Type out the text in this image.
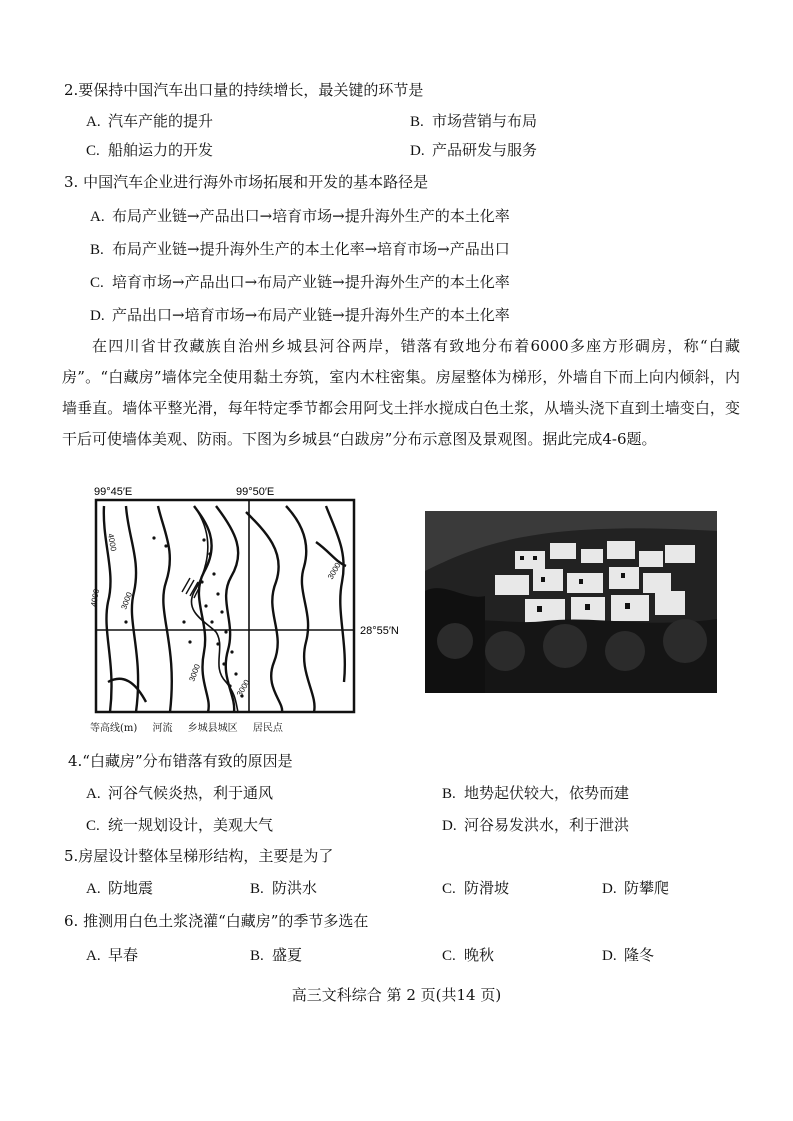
2.要保持中国汽车出口量的持续增长，最关键的环节是
A. 汽车产能的提升	B. 市场营销与布局
C. 船舶运力的开发	D. 产品研发与服务
3. 中国汽车企业进行海外市场拓展和开发的基本路径是
A. 布局产业链→产品出口→培育市场→提升海外生产的本土化率
B. 布局产业链→提升海外生产的本土化率→培育市场→产品出口
C. 培育市场→产品出口→布局产业链→提升海外生产的本土化率
D. 产品出口→培育市场→布局产业链→提升海外生产的本土化率
在四川省甘孜藏族自治州乡城县河谷两岸，错落有致地分布着6000多座方形碉房，称“白藏房”。“白藏房”墙体完全使用黏土夯筑，室内木柱密集。房屋整体为梯形，外墙自下而上向内倾斜，内墙垂直。墙体平整光滑，每年特定季节都会用阿戈土拌水搅成白色土浆，从墙头浇下直到土墙变白，变干后可使墙体美观、防雨。下图为乡城县“白跋房”分布示意图及景观图。据此完成4-6题。
99°45′E	99°50′E
28°55′N
4000
3000
4000
3000
3000
3000
等高线(m) 河流 乡城县城区 居民点
4.“白藏房”分布错落有致的原因是
A. 河谷气候炎热，利于通风	B. 地势起伏较大，依势而建
C. 统一规划设计，美观大气	D. 河谷易发洪水，利于泄洪
5.房屋设计整体呈梯形结构，主要是为了
A. 防地震	B. 防洪水	C. 防滑坡	D. 防攀爬
6. 推测用白色土浆浇灌“白藏房”的季节多选在
A. 早春	B. 盛夏	C. 晚秋	D. 隆冬
高三文科综合 第 2 页(共14 页)
